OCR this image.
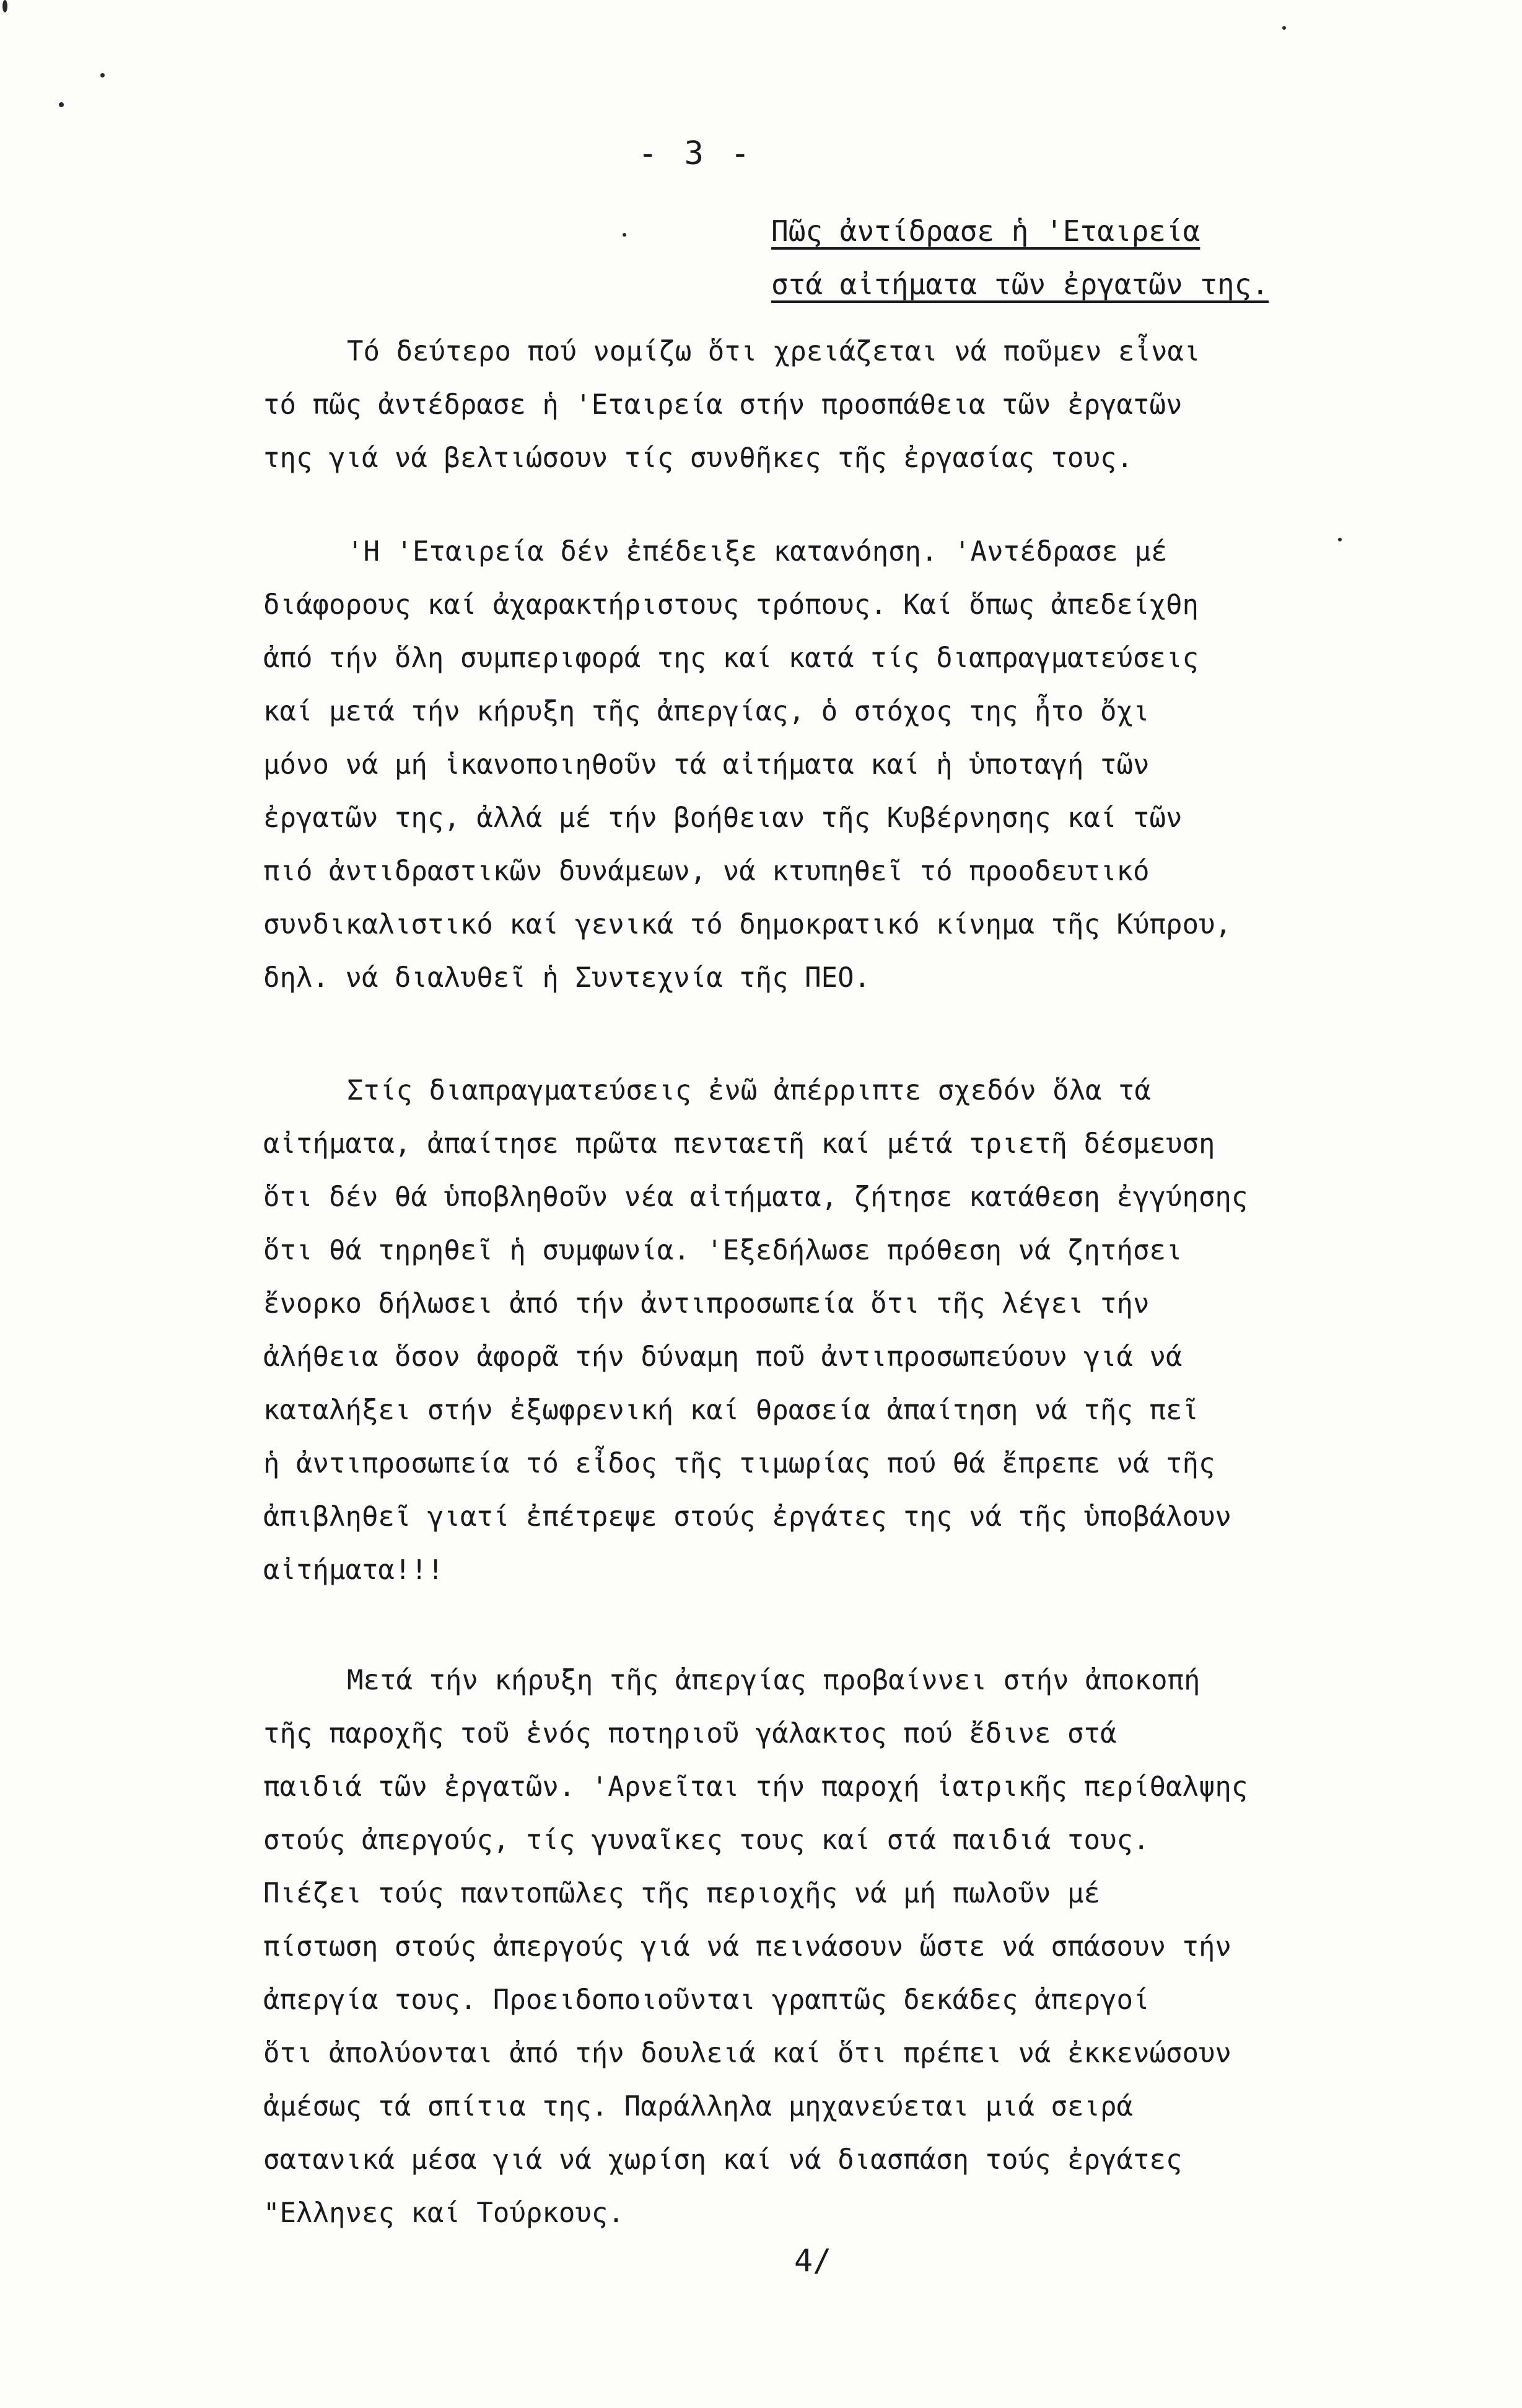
- 3 -
Πῶς ἀντίδρασε ἡ 'Εταιρεία
στά αἰτήματα τῶν ἐργατῶν της.
Τό δεύτερο πού νομίζω ὅτι χρειάζεται νά ποῦμεν εἶναι
τό πῶς ἀντέδρασε ἡ 'Εταιρεία στήν προσπάθεια τῶν ἐργατῶν
της γιά νά βελτιώσουν τίς συνθῆκες τῆς ἐργασίας τους.
'Η 'Εταιρεία δέν ἐπέδειξε κατανόηση. 'Αντέδρασε μέ
διάφορους καί ἀχαρακτήριστους τρόπους. Καί ὅπως ἀπεδείχθη
ἀπό τήν ὅλη συμπεριφορά της καί κατά τίς διαπραγματεύσεις
καί μετά τήν κήρυξη τῆς ἀπεργίας, ὁ στόχος της ἦτο ὄχι
μόνο νά μή ἱκανοποιηθοῦν τά αἰτήματα καί ἡ ὑποταγή τῶν
ἐργατῶν της, ἀλλά μέ τήν βοήθειαν τῆς Κυβέρνησης καί τῶν
πιό ἀντιδραστικῶν δυνάμεων, νά κτυπηθεῖ τό προοδευτικό
συνδικαλιστικό καί γενικά τό δημοκρατικό κίνημα τῆς Κύπρου,
δηλ. νά διαλυθεῖ ἡ Συντεχνία τῆς ΠΕΟ.
Στίς διαπραγματεύσεις ἐνῶ ἀπέρριπτε σχεδόν ὅλα τά
αἰτήματα, ἀπαίτησε πρῶτα πενταετῆ καί μέτά τριετῆ δέσμευση
ὅτι δέν θά ὑποβληθοῦν νέα αἰτήματα, ζήτησε κατάθεση ἐγγύησης
ὅτι θά τηρηθεῖ ἡ συμφωνία. 'Εξεδήλωσε πρόθεση νά ζητήσει
ἔνορκο δήλωσει ἀπό τήν ἀντιπροσωπεία ὅτι τῆς λέγει τήν
ἀλήθεια ὅσον ἀφορᾶ τήν δύναμη ποῦ ἀντιπροσωπεύουν γιά νά
καταλήξει στήν ἐξωφρενική καί θρασεία ἀπαίτηση νά τῆς πεῖ
ἡ ἀντιπροσωπεία τό εἶδος τῆς τιμωρίας πού θά ἔπρεπε νά τῆς
ἀπιβληθεῖ γιατί ἐπέτρεψε στούς ἐργάτες της νά τῆς ὑποβάλουν
αἰτήματα!!!
Μετά τήν κήρυξη τῆς ἀπεργίας προβαίννει στήν ἀποκοπή
τῆς παροχῆς τοῦ ἑνός ποτηριοῦ γάλακτος πού ἔδινε στά
παιδιά τῶν ἐργατῶν. 'Αρνεῖται τήν παροχή ἰατρικῆς περίθαλψης
στούς ἀπεργούς, τίς γυναῖκες τους καί στά παιδιά τους.
Πιέζει τούς παντοπῶλες τῆς περιοχῆς νά μή πωλοῦν μέ
πίστωση στούς ἀπεργούς γιά νά πεινάσουν ὥστε νά σπάσουν τήν
ἀπεργία τους. Προειδοποιοῦνται γραπτῶς δεκάδες ἀπεργοί
ὅτι ἀπολύονται ἀπό τήν δουλειά καί ὅτι πρέπει νά ἐκκενώσουν
ἀμέσως τά σπίτια της. Παράλληλα μηχανεύεται μιά σειρά
σατανικά μέσα γιά νά χωρίση καί νά διασπάση τούς ἐργάτες
"Ελληνες καί Τούρκους.
4/
